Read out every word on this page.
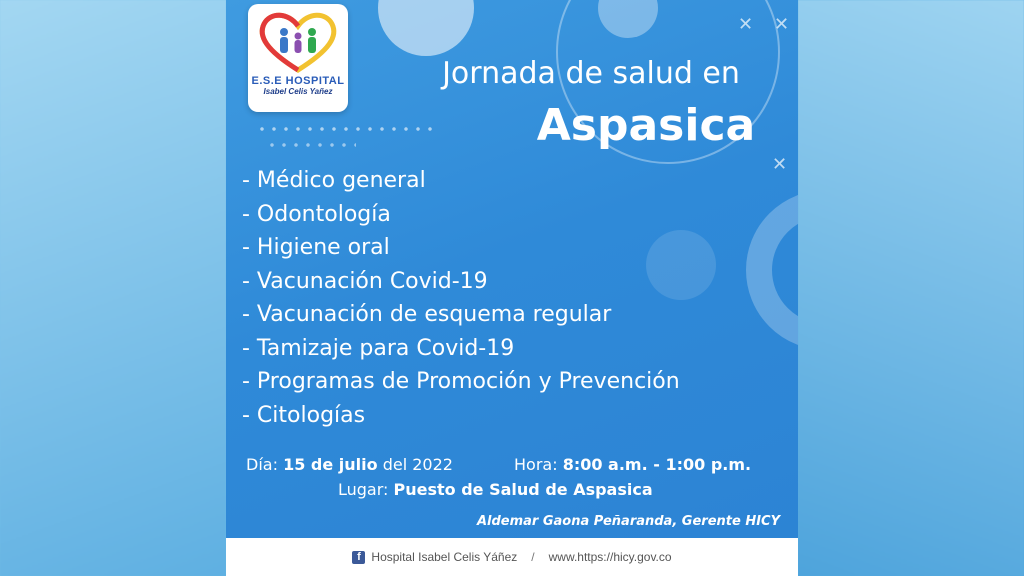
✕ ✕
✕
E.S.E HOSPITAL
Isabel Celis Yañez
Jornada de salud en
Aspasica
- Médico general
- Odontología
- Higiene oral
- Vacunación Covid-19
- Vacunación de esquema regular
- Tamizaje para Covid-19
- Programas de Promoción y Prevención
- Citologías
Día: 15 de julio del 2022	Hora: 8:00 a.m. - 1:00 p.m.
Lugar: Puesto de Salud de Aspasica
Aldemar Gaona Peñaranda, Gerente HICY
f Hospital Isabel Celis Yáñez / www.https://hicy.gov.co
